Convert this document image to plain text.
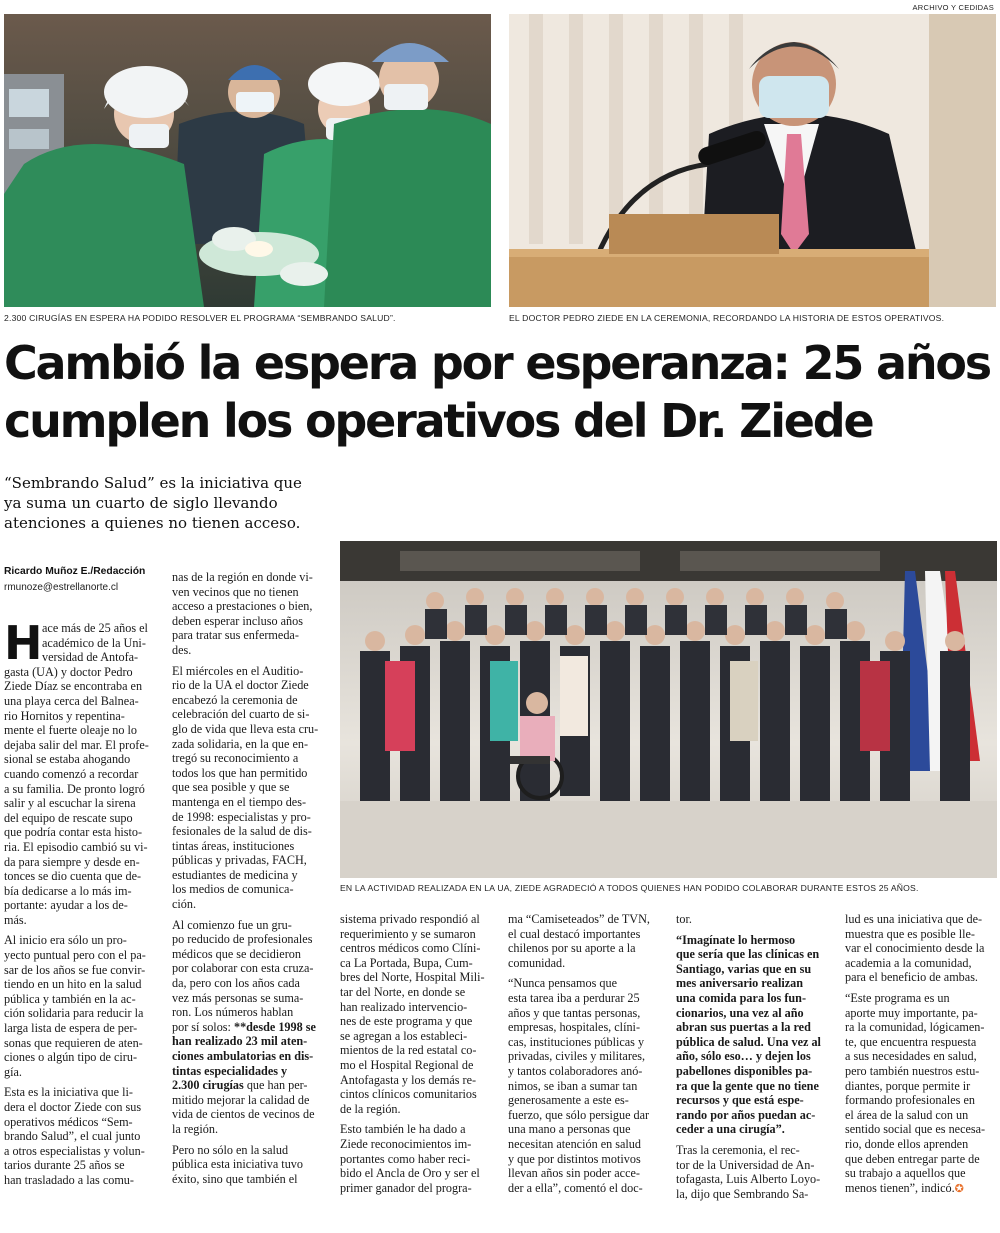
ARCHIVO Y CEDIDAS
2.300 CIRUGÍAS EN ESPERA HA PODIDO RESOLVER EL PROGRAMA “SEMBRANDO SALUD”.	EL DOCTOR PEDRO ZIEDE EN LA CEREMONIA, RECORDANDO LA HISTORIA DE ESTOS OPERATIVOS.
Cambió la espera por esperanza: 25 años
cumplen los operativos del Dr. Ziede
“Sembrando Salud” es la iniciativa que
ya suma un cuarto de siglo llevando
atenciones a quienes no tienen acceso.
EN LA ACTIVIDAD REALIZADA EN LA UA, ZIEDE AGRADECIÓ A TODOS QUIENES HAN PODIDO COLABORAR DURANTE ESTOS 25 AÑOS.
Ricardo Muñoz E./Redacción
rmunoze@estrellanorte.cl
H ace más de 25 años el
académico de la Uni-
versidad de Antofa-
gasta (UA) y doctor Pedro
Ziede Díaz se encontraba en
una playa cerca del Balnea-
rio Hornitos y repentina-
mente el fuerte oleaje no lo
dejaba salir del mar. El profe-
sional se estaba ahogando
cuando comenzó a recordar
a su familia. De pronto logró
salir y al escuchar la sirena
del equipo de rescate supo
que podría contar esta histo-
ria. El episodio cambió su vi-
da para siempre y desde en-
tonces se dio cuenta que de-
bía dedicarse a lo más im-
portante: ayudar a los de-
más.
Al inicio era sólo un pro-
yecto puntual pero con el pa-
sar de los años se fue convir-
tiendo en un hito en la salud
pública y también en la ac-
ción solidaria para reducir la
larga lista de espera de per-
sonas que requieren de aten-
ciones o algún tipo de ciru-
gía.
Esta es la iniciativa que li-
dera el doctor Ziede con sus
operativos médicos “Sem-
brando Salud”, el cual junto
a otros especialistas y volun-
tarios durante 25 años se
han trasladado a las comu-
nas de la región en donde vi-
ven vecinos que no tienen
acceso a prestaciones o bien,
deben esperar incluso años
para tratar sus enfermeda-
des.
El miércoles en el Auditio-
rio de la UA el doctor Ziede
encabezó la ceremonia de
celebración del cuarto de si-
glo de vida que lleva esta cru-
zada solidaria, en la que en-
tregó su reconocimiento a
todos los que han permitido
que sea posible y que se
mantenga en el tiempo des-
de 1998: especialistas y pro-
fesionales de la salud de dis-
tintas áreas, instituciones
públicas y privadas, FACH,
estudiantes de medicina y
los medios de comunica-
ción.
Al comienzo fue un gru-
po reducido de profesionales
médicos que se decidieron
por colaborar con esta cruza-
da, pero con los años cada
vez más personas se suma-
ron. Los números hablan
por sí solos: **desde 1998 se
han realizado 23 mil aten-
ciones ambulatorias en dis-
tintas especialidades y
2.300 cirugías que han per-
mitido mejorar la calidad de
vida de cientos de vecinos de
la región.
Pero no sólo en la salud
pública esta iniciativa tuvo
éxito, sino que también el
sistema privado respondió al
requerimiento y se sumaron
centros médicos como Clíni-
ca La Portada, Bupa, Cum-
bres del Norte, Hospital Mili-
tar del Norte, en donde se
han realizado intervencio-
nes de este programa y que
se agregan a los estableci-
mientos de la red estatal co-
mo el Hospital Regional de
Antofagasta y los demás re-
cintos clínicos comunitarios
de la región.
Esto también le ha dado a
Ziede reconocimientos im-
portantes como haber reci-
bido el Ancla de Oro y ser el
primer ganador del progra-
ma “Camiseteados” de TVN,
el cual destacó importantes
chilenos por su aporte a la
comunidad.
“Nunca pensamos que
esta tarea iba a perdurar 25
años y que tantas personas,
empresas, hospitales, clíni-
cas, instituciones públicas y
privadas, civiles y militares,
y tantos colaboradores anó-
nimos, se iban a sumar tan
generosamente a este es-
fuerzo, que sólo persigue dar
una mano a personas que
necesitan atención en salud
y que por distintos motivos
llevan años sin poder acce-
der a ella”, comentó el doc-
tor.
“Imagínate lo hermoso
que sería que las clínicas en
Santiago, varias que en su
mes aniversario realizan
una comida para los fun-
cionarios, una vez al año
abran sus puertas a la red
pública de salud. Una vez al
año, sólo eso… y dejen los
pabellones disponibles pa-
ra que la gente que no tiene
recursos y que está espe-
rando por años puedan ac-
ceder a una cirugía”.
Tras la ceremonia, el rec-
tor de la Universidad de An-
tofagasta, Luis Alberto Loyo-
la, dijo que Sembrando Sa-
lud es una iniciativa que de-
muestra que es posible lle-
var el conocimiento desde la
academia a la comunidad,
para el beneficio de ambas.
“Este programa es un
aporte muy importante, pa-
ra la comunidad, lógicamen-
te, que encuentra respuesta
a sus necesidades en salud,
pero también nuestros estu-
diantes, porque permite ir
formando profesionales en
el área de la salud con un
sentido social que es necesa-
rio, donde ellos aprenden
que deben entregar parte de
su trabajo a aquellos que
menos tienen”, indicó.✪
